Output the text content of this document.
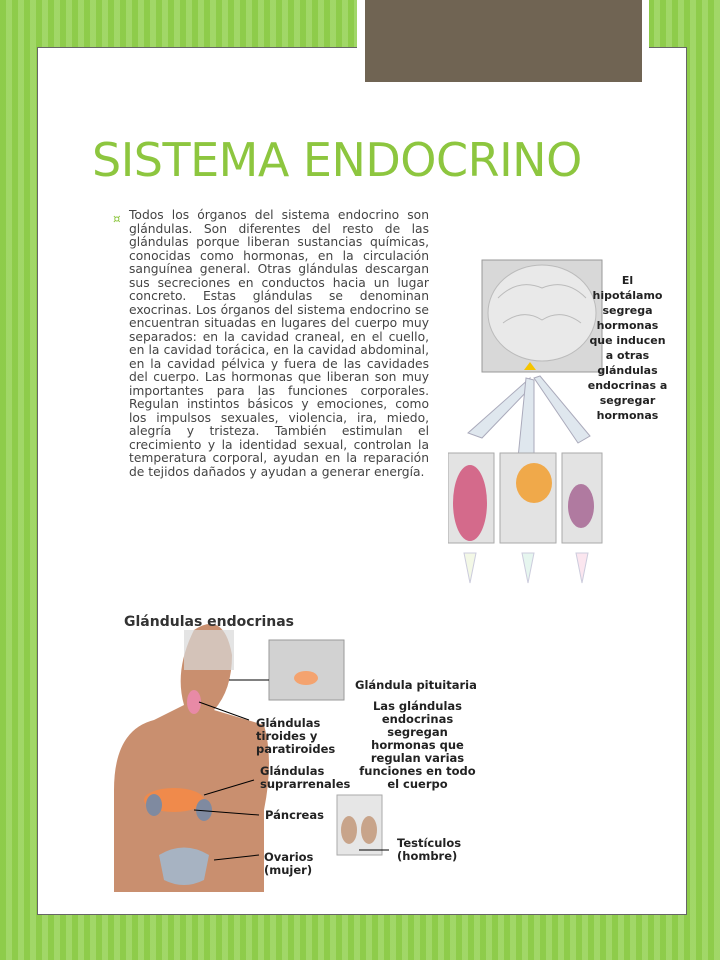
SISTEMA ENDOCRINO
¤ Todos los órganos del sistema endocrino son glándulas. Son diferentes del resto de las glándulas porque liberan sustancias químicas, conocidas como hormonas, en la circulación sanguínea general. Otras glándulas descargan sus secreciones en conductos hacia un lugar concreto. Estas glándulas se denominan exocrinas. Los órganos del sistema endocrino se encuentran situadas en lugares del cuerpo muy separados: en la cavidad craneal, en el cuello, en la cavidad torácica, en la cavidad abdominal, en la cavidad pélvica y fuera de las cavidades del cuerpo. Las hormonas que liberan son muy importantes para las funciones corporales. Regulan instintos básicos y emociones, como los impulsos sexuales, violencia, ira, miedo, alegría y tristeza. También estimulan el crecimiento y la identidad sexual, controlan la temperatura corporal, ayudan en la reparación de tejidos dañados y ayudan a generar energía.

El hipotálamo segrega hormonas que inducen a otras glándulas endocrinas a segregar hormonas
Glándulas endocrinas
Glándula pituitaria
Las glándulas endocrinas segregan hormonas que regulan varias funciones en todo el cuerpo
Glándulas tiroides y paratiroides
Glándulas suprarrenales
Páncreas
Testículos (hombre)
Ovarios (mujer)
